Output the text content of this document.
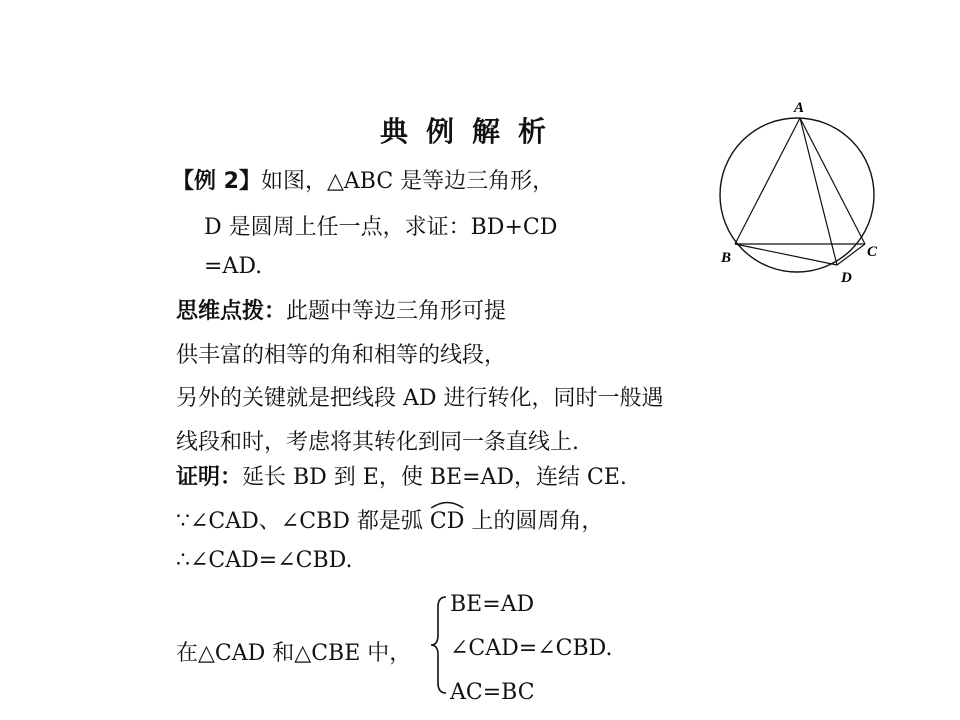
典例解析
【例 2】如图，△ABC 是等边三角形，
D 是圆周上任一点，求证：BD+CD
=AD.
思维点拨：此题中等边三角形可提
供丰富的相等的角和相等的线段，
另外的关键就是把线段 AD 进行转化，同时一般遇
线段和时，考虑将其转化到同一条直线上.
证明：延长 BD 到 E，使 BE=AD，连结 CE.
∵∠CAD、∠CBD 都是弧 CD 上的圆周角，
∴∠CAD=∠CBD.
在△CAD 和△CBE 中，
BE=AD
∠CAD=∠CBD.
AC=BC
A
B	C
D
